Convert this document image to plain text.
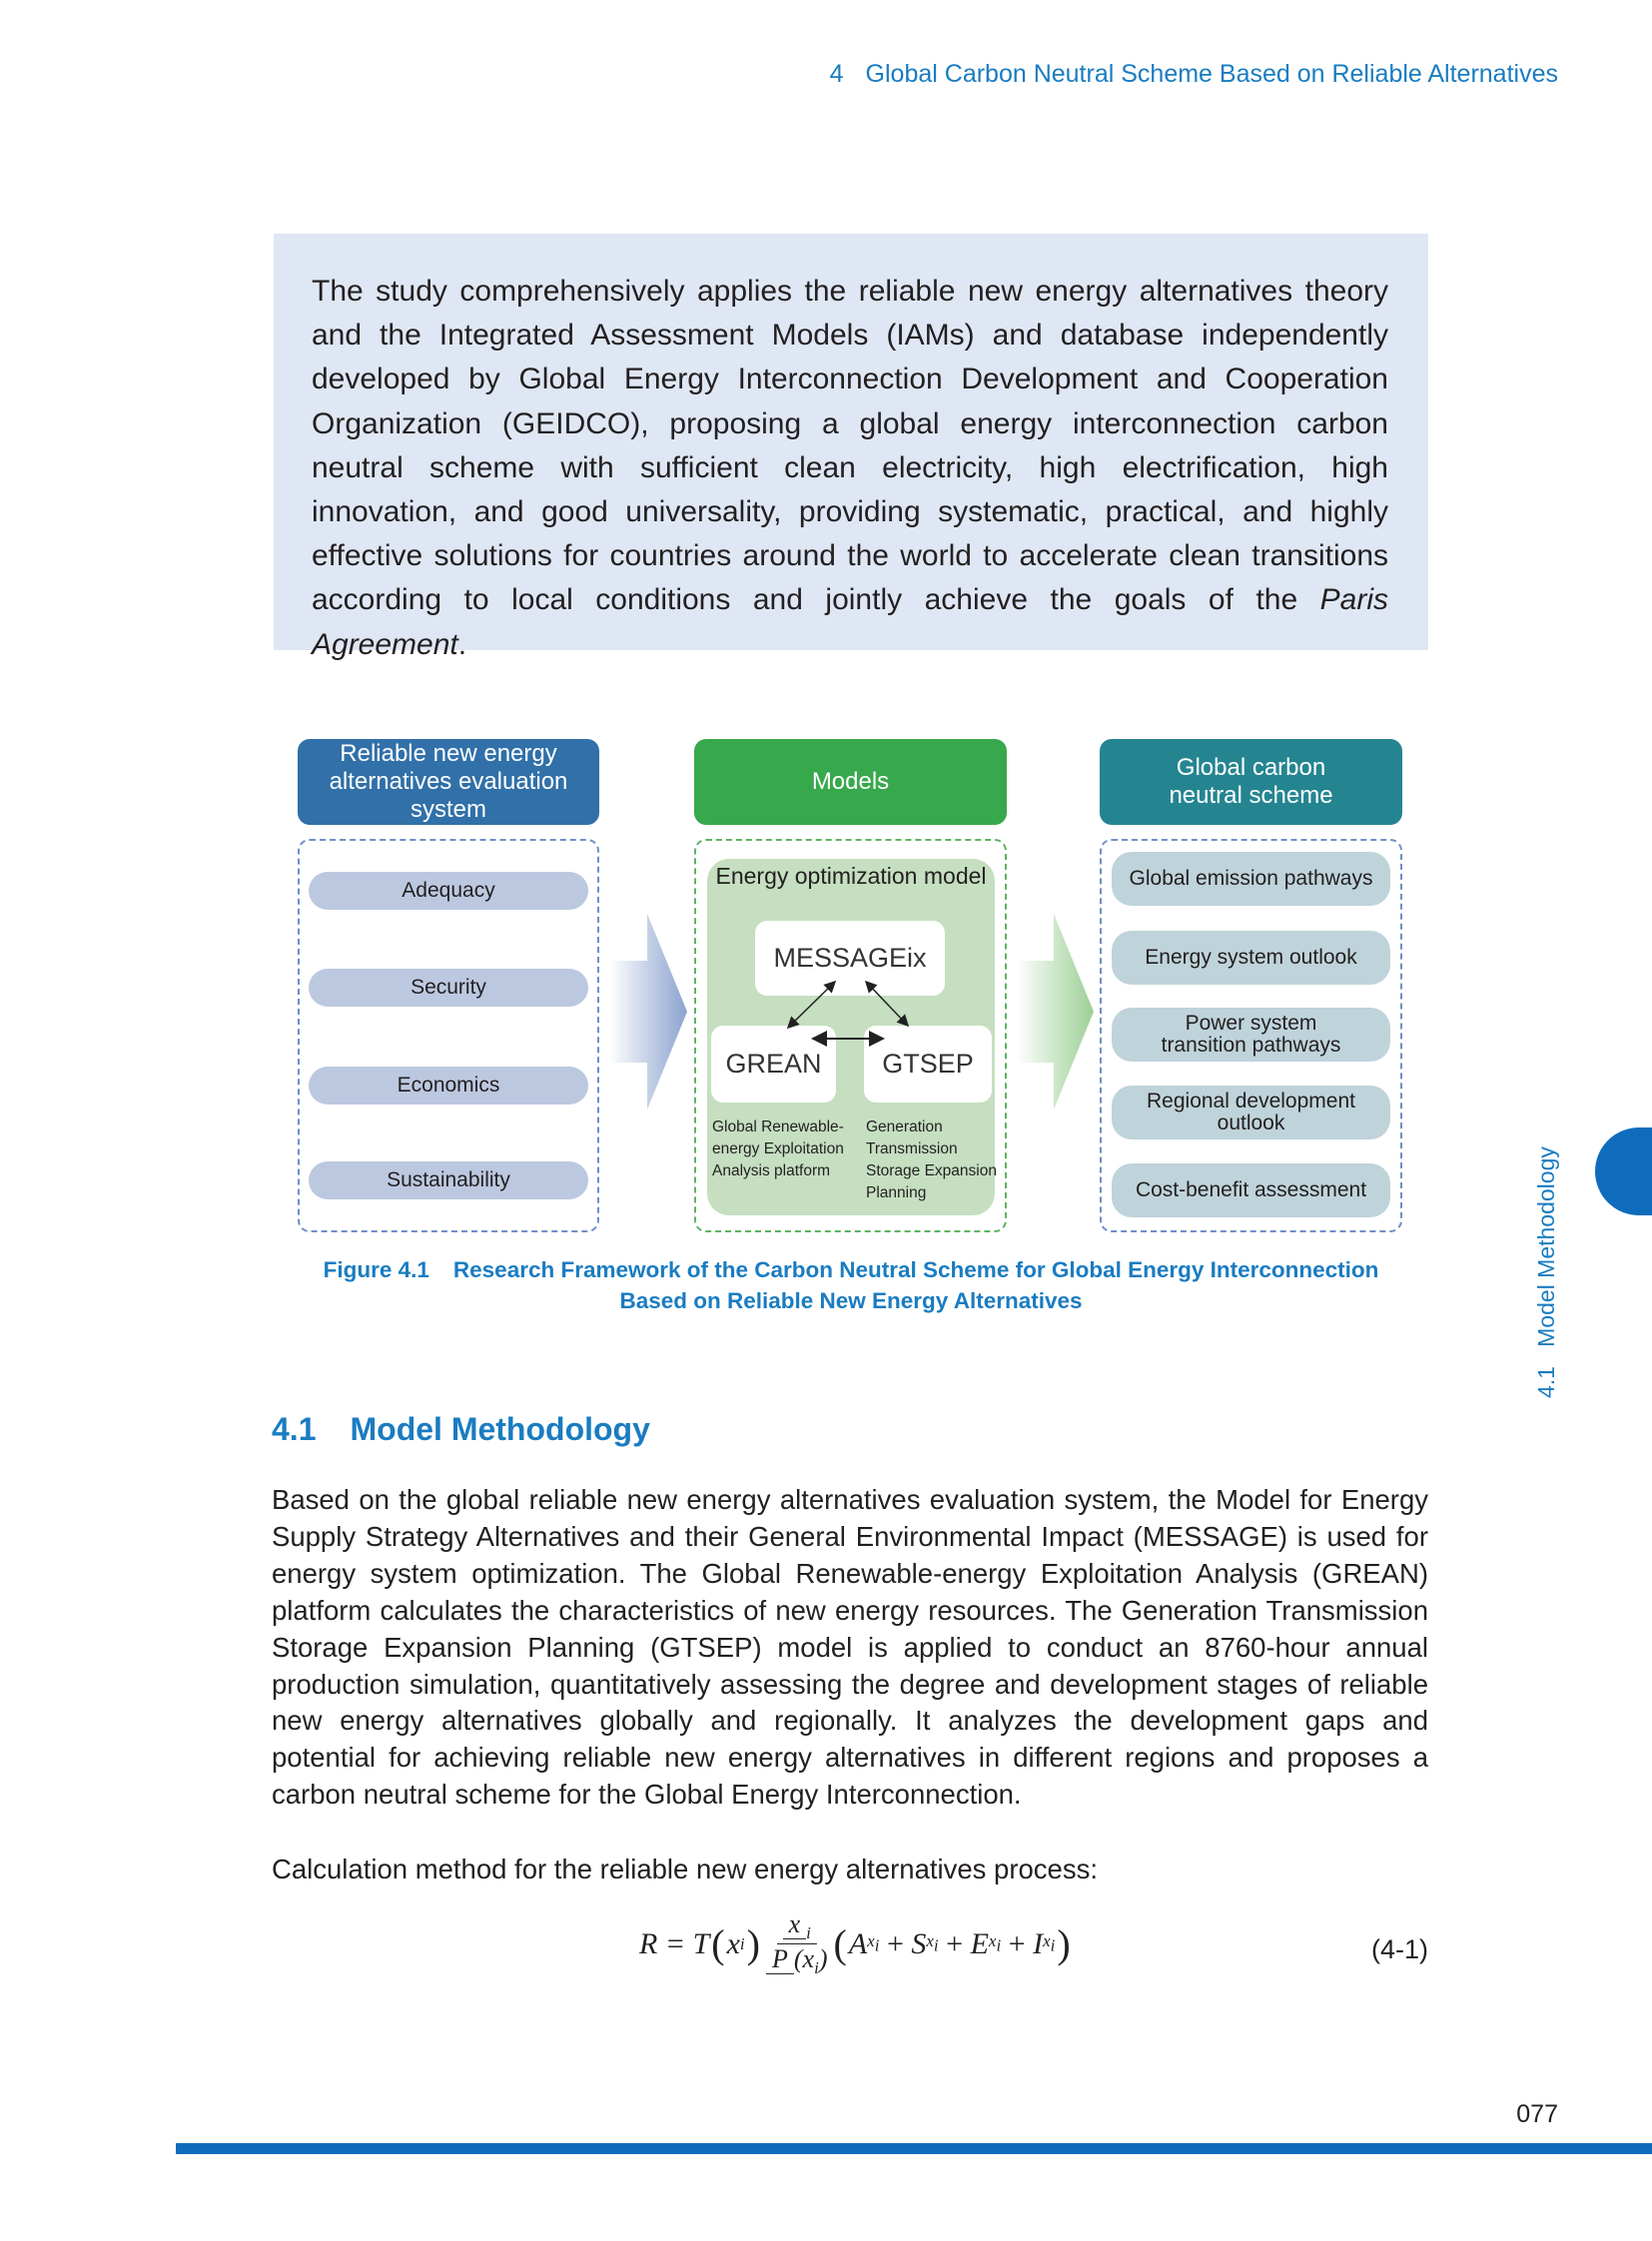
4 Global Carbon Neutral Scheme Based on Reliable Alternatives
The study comprehensively applies the reliable new energy alternatives theory and the Integrated Assessment Models (IAMs) and database independently developed by Global Energy Interconnection Development and Cooperation Organization (GEIDCO), proposing a global energy interconnection carbon neutral scheme with sufficient clean electricity, high electrification, high innovation, and good universality, providing systematic, practical, and highly effective solutions for countries around the world to accelerate clean transitions according to local conditions and jointly achieve the goals of the Paris Agreement.
Reliable new energy alternatives evaluation system
Models
Global carbon neutral scheme
Adequacy
Security
Economics
Sustainability
Energy optimization model
MESSAGEix
GREAN	GTSEP
Global Renewable-
energy Exploitation
Analysis platform
Generation
Transmission
Storage Expansion
Planning
Global emission pathways
Energy system outlook
Power system transition pathways
Regional development outlook
Cost-benefit assessment
Figure 4.1 Research Framework of the Carbon Neutral Scheme for Global Energy Interconnection
Based on Reliable New Energy Alternatives
4.1 Model Methodology
Based on the global reliable new energy alternatives evaluation system, the Model for Energy Supply Strategy Alternatives and their General Environmental Impact (MESSAGE) is used for energy system optimization. The Global Renewable-energy Exploitation Analysis (GREAN) platform calculates the characteristics of new energy resources. The Generation Transmission Storage Expansion Planning (GTSEP) model is applied to conduct an 8760-hour annual production simulation, quantitatively assessing the degree and development stages of reliable new energy alternatives globally and regionally. It analyzes the development gaps and potential for achieving reliable new energy alternatives in different regions and proposes a carbon neutral scheme for the Global Energy Interconnection.
Calculation method for the reliable new energy alternatives process:
R = T ( x i ) $\frac{x _i}{P (x_i)}$ ( A $x_i$
+
S $x_i$
+
E $x_i$
+
I $x_i$ )	(4-1)
077
4.1   Model Methodology
